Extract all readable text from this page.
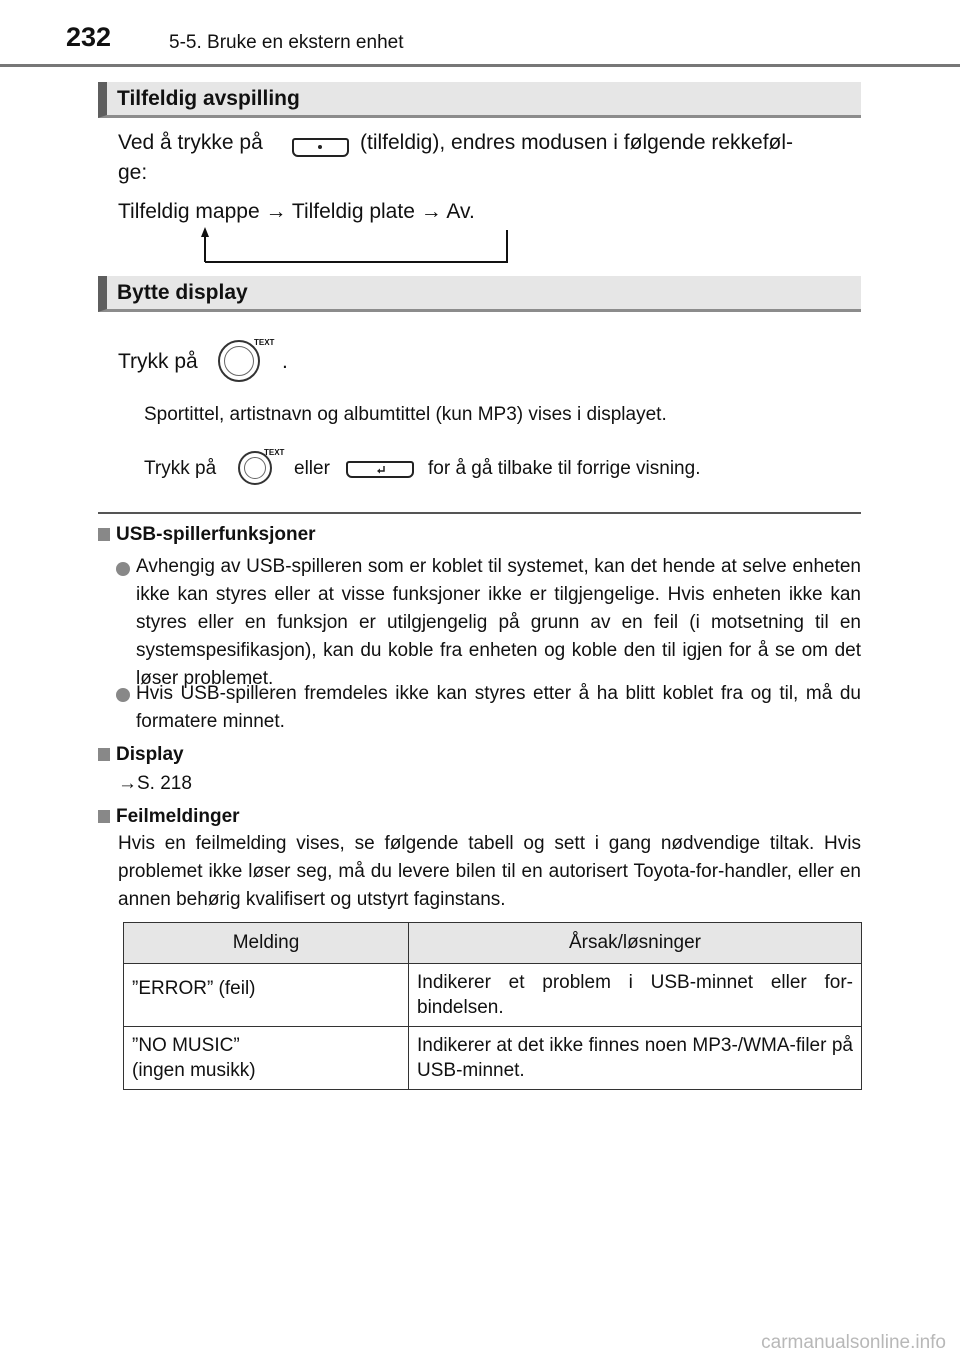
232	5-5. Bruke en ekstern enhet
Tilfeldig avspilling
Ved å trykke på	(tilfeldig), endres modusen i følgende rekkeføl-
ge:
Tilfeldig mappe → Tilfeldig plate → Av.
Bytte display
Trykk på
TEXT
.
Sportittel, artistnavn og albumtittel (kun MP3) vises i displayet.
Trykk på
TEXT
eller	for å gå tilbake til forrige visning.
USB-spillerfunksjoner
Avhengig av USB-spilleren som er koblet til systemet, kan det hende at selve enheten ikke kan styres eller at visse funksjoner ikke er tilgjengelige. Hvis enheten ikke kan styres eller en funksjon er utilgjengelig på grunn av en feil (i motsetning til en systemspesifikasjon), kan du koble fra enheten og koble den til igjen for å se om det løser problemet.
Hvis USB-spilleren fremdeles ikke kan styres etter å ha blitt koblet fra og til, må du formatere minnet.
Display
→S. 218
Feilmeldinger
Hvis en feilmelding vises, se følgende tabell og sett i gang nødvendige tiltak. Hvis problemet ikke løser seg, må du levere bilen til en autorisert Toyota-for-handler, eller en annen behørig kvalifisert og utstyrt faginstans.
Melding	Årsak/løsninger

”ERROR” (feil)	Indikerer et problem i USB-minnet eller for-bindelsen.

”NO MUSIC”
(ingen musikk)	Indikerer at det ikke finnes noen MP3-/WMA-filer på USB-minnet.
carmanualsonline.info
